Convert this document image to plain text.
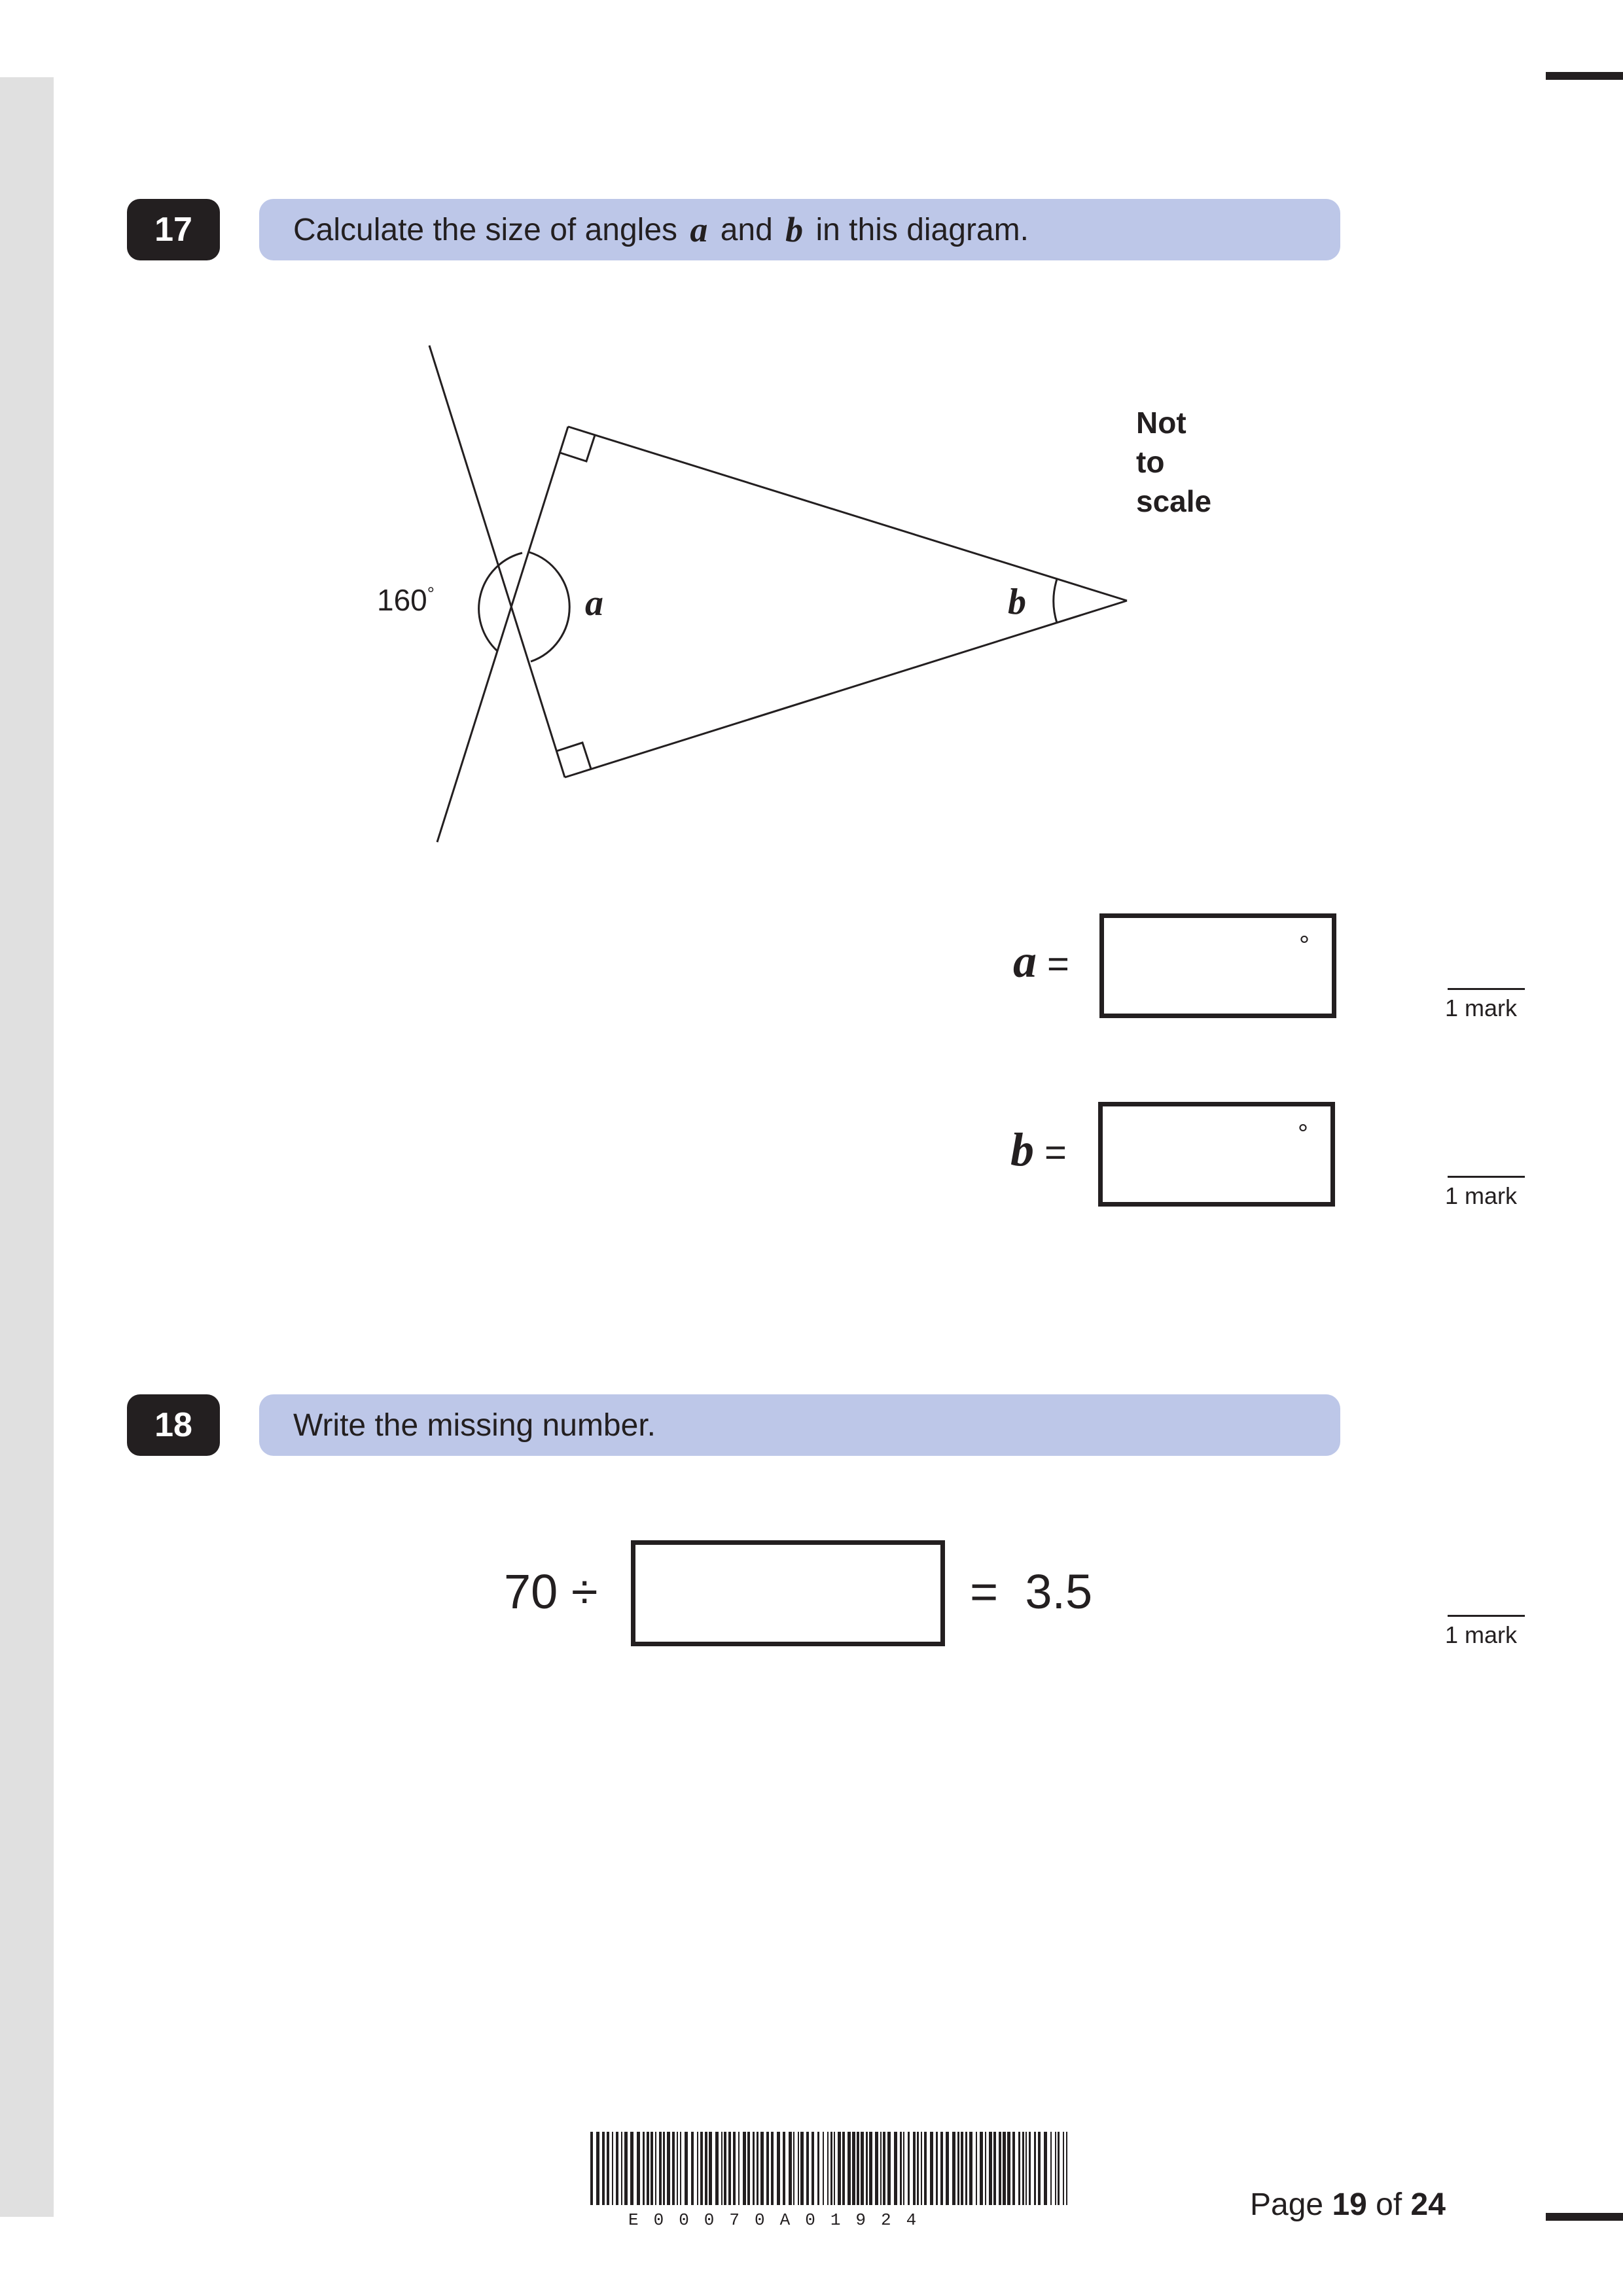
17	Calculate the size of angles a and b in this diagram.
160°	a	b
Not
to
scale
a =	°
1 mark
b =	°
1 mark
18	Write the missing number.
70 ÷	=  3.5
1 mark
E00070A01924	Page 19 of 24
